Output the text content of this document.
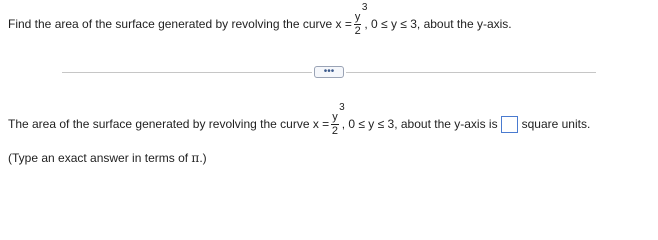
Find the area of the surface generated by revolving the curve x = y
3
2 , 0 ≤ y ≤ 3, about the y-axis.
•••
The area of the surface generated by revolving the curve x = y
3
2 , 0 ≤ y ≤ 3, about the y-axis is square units.
(Type an exact answer in terms of π.)
